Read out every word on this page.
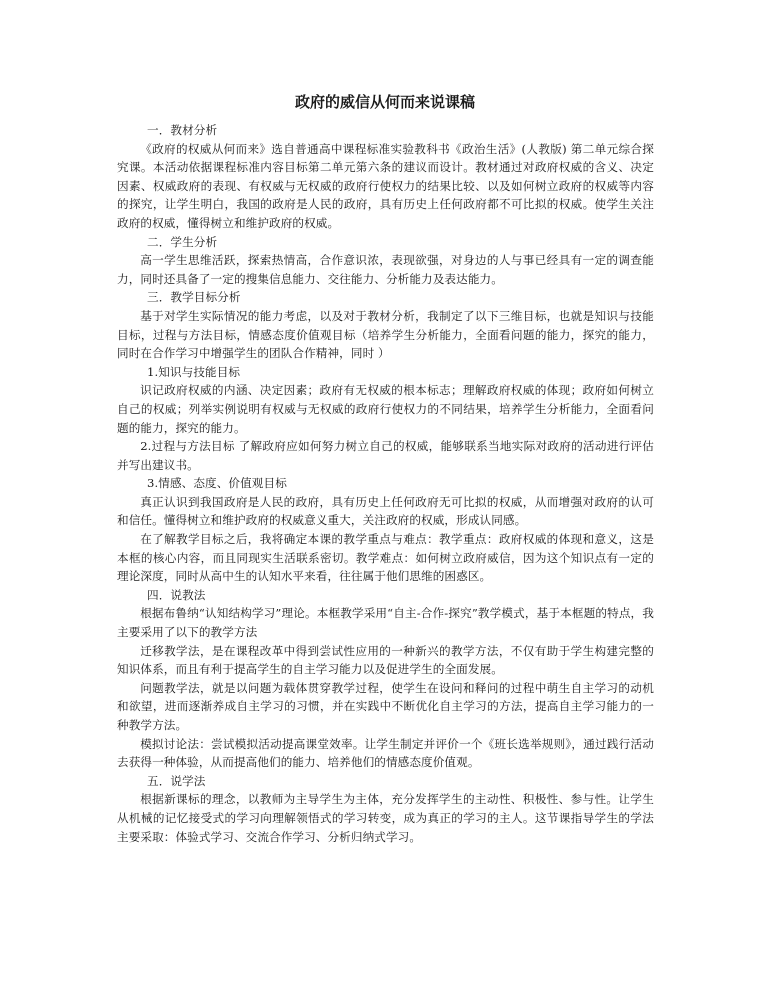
政府的威信从何而来说课稿

一．教材分析

《政府的权威从何而来》选自普通高中课程标准实验教科书《政治生活》(人教版) 第二单元综合探究课。本活动依据课程标准内容目标第二单元第六条的建议而设计。教材通过对政府权威的含义、决定因素、权威政府的表现、有权威与无权威的政府行使权力的结果比较、以及如何树立政府的权威等内容的探究，让学生明白，我国的政府是人民的政府，具有历史上任何政府都不可比拟的权威。使学生关注政府的权威，懂得树立和维护政府的权威。

二．学生分析

高一学生思维活跃，探索热情高，合作意识浓，表现欲强，对身边的人与事已经具有一定的调查能力，同时还具备了一定的搜集信息能力、交往能力、分析能力及表达能力。

三．教学目标分析

基于对学生实际情况的能力考虑，以及对于教材分析，我制定了以下三维目标，也就是知识与技能目标，过程与方法目标，情感态度价值观目标（培养学生分析能力，全面看问题的能力，探究的能力，同时在合作学习中增强学生的团队合作精神，同时 ）

1.知识与技能目标

识记政府权威的内涵、决定因素；政府有无权威的根本标志；理解政府权威的体现；政府如何树立自己的权威；列举实例说明有权威与无权威的政府行使权力的不同结果，培养学生分析能力，全面看问题的能力，探究的能力。

2.过程与方法目标 了解政府应如何努力树立自己的权威，能够联系当地实际对政府的活动进行评估并写出建议书。

3.情感、态度、价值观目标

真正认识到我国政府是人民的政府，具有历史上任何政府无可比拟的权威，从而增强对政府的认可和信任。懂得树立和维护政府的权威意义重大，关注政府的权威，形成认同感。

在了解教学目标之后，我将确定本课的教学重点与难点：教学重点：政府权威的体现和意义，这是本框的核心内容，而且同现实生活联系密切。教学难点：如何树立政府威信，因为这个知识点有一定的理论深度，同时从高中生的认知水平来看，往往属于他们思维的困惑区。

四．说教法

根据布鲁纳“认知结构学习”理论。本框教学采用“自主-合作-探究”教学模式，基于本框题的特点，我主要采用了以下的教学方法

迁移教学法，是在课程改革中得到尝试性应用的一种新兴的教学方法，不仅有助于学生构建完整的知识体系，而且有利于提高学生的自主学习能力以及促进学生的全面发展。

问题教学法，就是以问题为载体贯穿教学过程，使学生在设问和释问的过程中萌生自主学习的动机和欲望，进而逐渐养成自主学习的习惯，并在实践中不断优化自主学习的方法，提高自主学习能力的一种教学方法。

模拟讨论法：尝试模拟活动提高课堂效率。让学生制定并评价一个《班长选举规则》，通过践行活动去获得一种体验，从而提高他们的能力、培养他们的情感态度价值观。

五．说学法

根据新课标的理念，以教师为主导学生为主体，充分发挥学生的主动性、积极性、参与性。让学生从机械的记忆接受式的学习向理解领悟式的学习转变，成为真正的学习的主人。这节课指导学生的学法主要采取：体验式学习、交流合作学习、分析归纳式学习。
